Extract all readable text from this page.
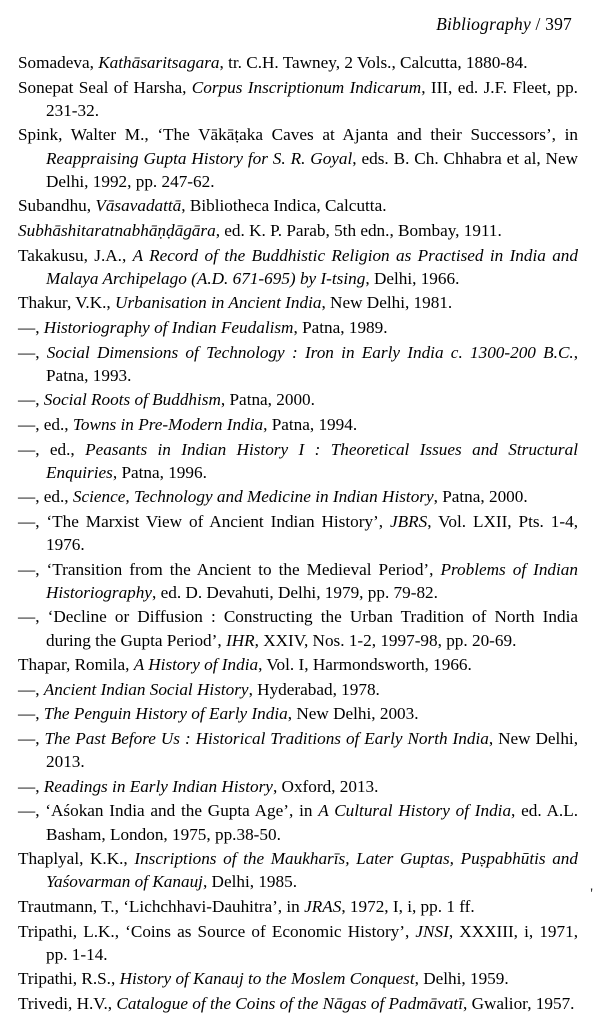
Bibliography / 397

Somadeva, Kathāsaritsagara, tr. C.H. Tawney, 2 Vols., Calcutta, 1880-84.

Sonepat Seal of Harsha, Corpus Inscriptionum Indicarum, III, ed. J.F. Fleet, pp. 231-32.

Spink, Walter M., ‘The Vākāṭaka Caves at Ajanta and their Successors’, in Reappraising Gupta History for S. R. Goyal, eds. B. Ch. Chhabra et al, New Delhi, 1992, pp. 247-62.

Subandhu, Vāsavadattā, Bibliotheca Indica, Calcutta.

Subhāshitaratnabhāṇḍāgāra, ed. K. P. Parab, 5th edn., Bombay, 1911.

Takakusu, J.A., A Record of the Buddhistic Religion as Practised in India and Malaya Archipelago (A.D. 671-695) by I-tsing, Delhi, 1966.

Thakur, V.K., Urbanisation in Ancient India, New Delhi, 1981.

—, Historiography of Indian Feudalism, Patna, 1989.

—, Social Dimensions of Technology : Iron in Early India c. 1300-200 B.C., Patna, 1993.

—, Social Roots of Buddhism, Patna, 2000.

—, ed., Towns in Pre-Modern India, Patna, 1994.

—, ed., Peasants in Indian History I : Theoretical Issues and Structural Enquiries, Patna, 1996.

—, ed., Science, Technology and Medicine in Indian History, Patna, 2000.

—, ‘The Marxist View of Ancient Indian History’, JBRS, Vol. LXII, Pts. 1-4, 1976.

—, ‘Transition from the Ancient to the Medieval Period’, Problems of Indian Historiography, ed. D. Devahuti, Delhi, 1979, pp. 79-82.

—, ‘Decline or Diffusion : Constructing the Urban Tradition of North India during the Gupta Period’, IHR, XXIV, Nos. 1-2, 1997-98, pp. 20-69.

Thapar, Romila, A History of India, Vol. I, Harmondsworth, 1966.

—, Ancient Indian Social History, Hyderabad, 1978.

—, The Penguin History of Early India, New Delhi, 2003.

—, The Past Before Us : Historical Traditions of Early North India, New Delhi, 2013.

—, Readings in Early Indian History, Oxford, 2013.

—, ‘Aśokan India and the Gupta Age’, in A Cultural History of India, ed. A.L. Basham, London, 1975, pp.38-50.

Thaplyal, K.K., Inscriptions of the Maukharīs, Later Guptas, Puṣpabhūtis and Yaśovarman of Kanauj, Delhi, 1985.

Trautmann, T., ‘Lichchhavi-Dauhitra’, in JRAS, 1972, I, i, pp. 1 ff.

Tripathi, L.K., ‘Coins as Source of Economic History’, JNSI, XXXIII, i, 1971, pp. 1-14.

Tripathi, R.S., History of Kanauj to the Moslem Conquest, Delhi, 1959.

Trivedi, H.V., Catalogue of the Coins of the Nāgas of Padmāvatī, Gwalior, 1957.

'
